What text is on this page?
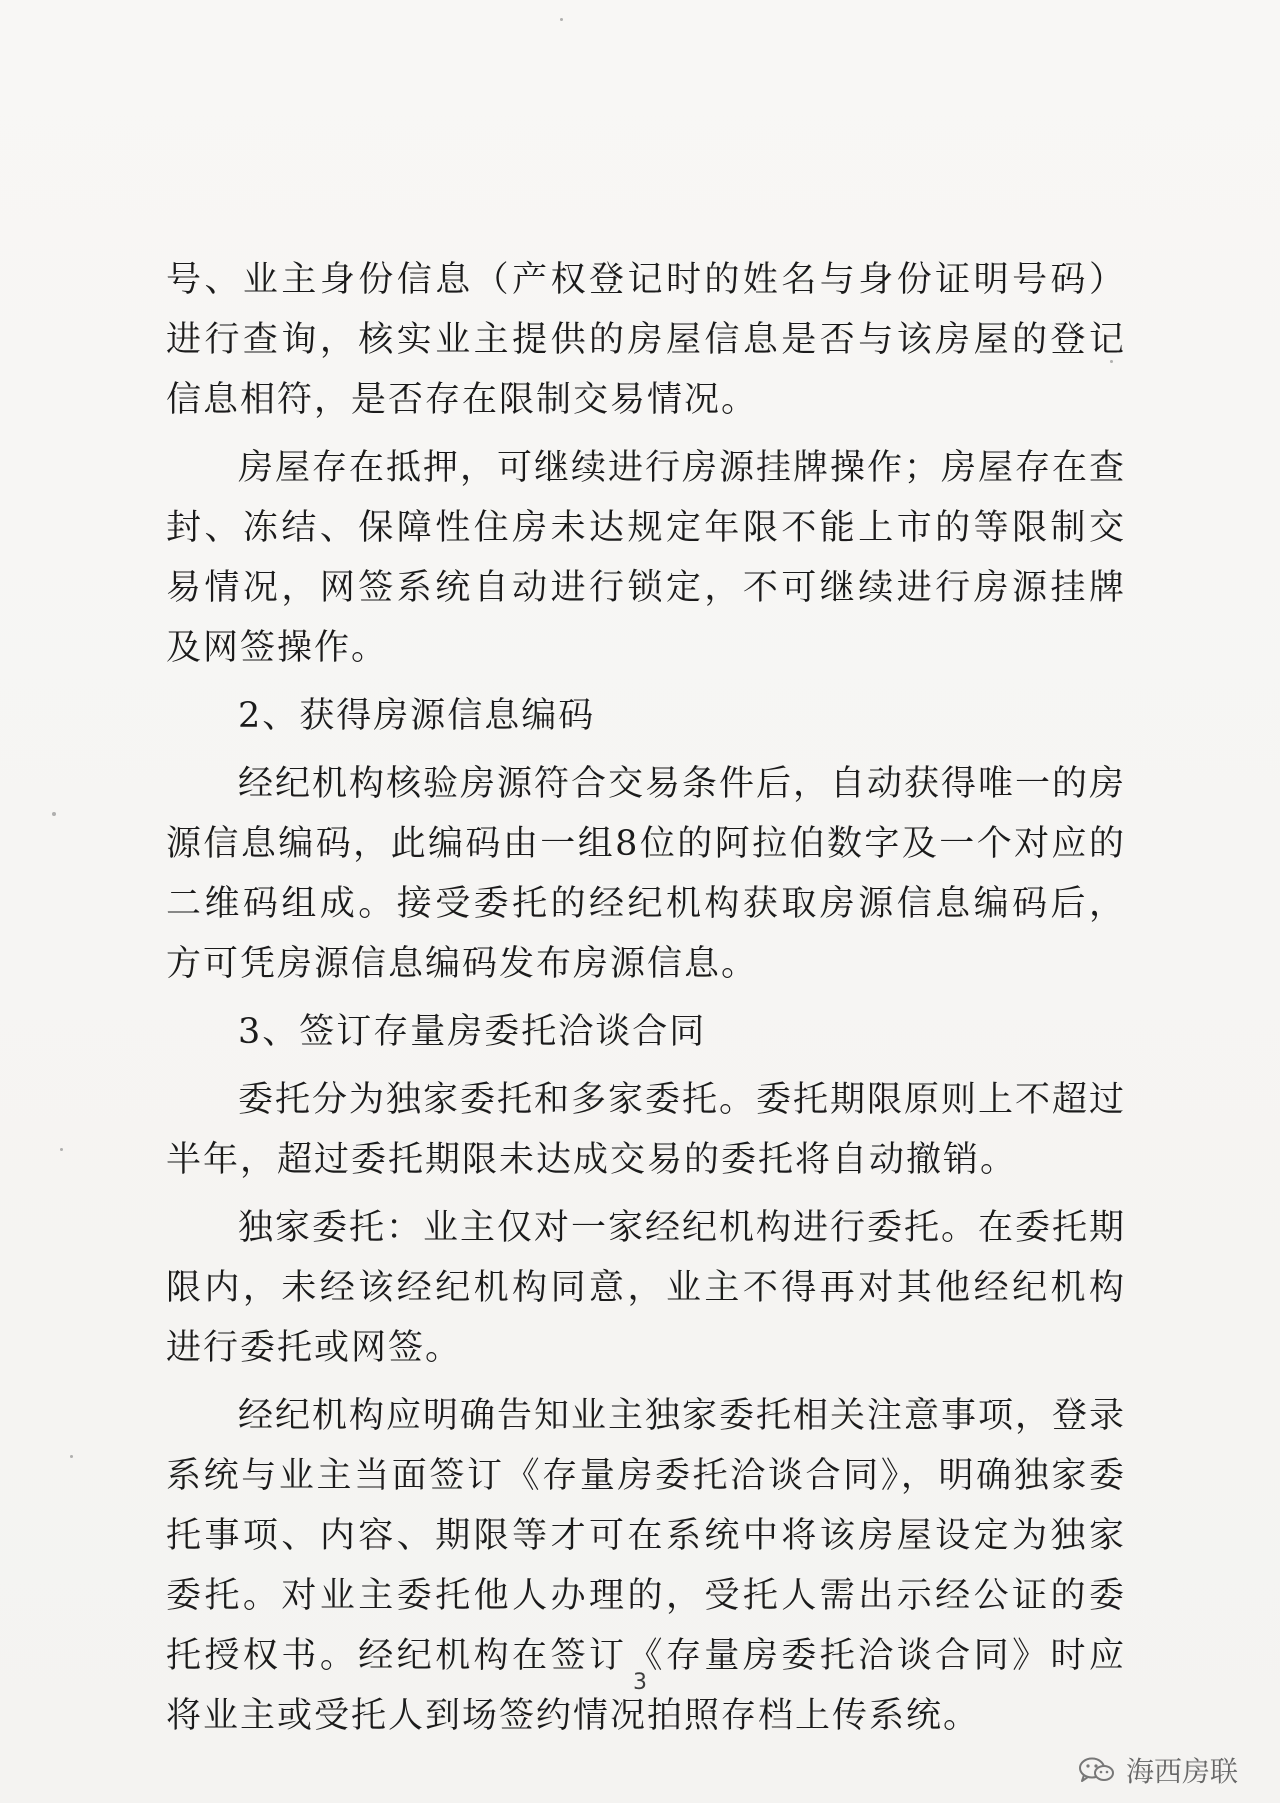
号、业主身份信息（产权登记时的姓名与身份证明号码）进行查询，核实业主提供的房屋信息是否与该房屋的登记信息相符，是否存在限制交易情况。

房屋存在抵押，可继续进行房源挂牌操作；房屋存在查封、冻结、保障性住房未达规定年限不能上市的等限制交易情况，网签系统自动进行锁定，不可继续进行房源挂牌及网签操作。

2、获得房源信息编码

经纪机构核验房源符合交易条件后，自动获得唯一的房源信息编码，此编码由一组8位的阿拉伯数字及一个对应的二维码组成。接受委托的经纪机构获取房源信息编码后，方可凭房源信息编码发布房源信息。

3、签订存量房委托洽谈合同

委托分为独家委托和多家委托。委托期限原则上不超过半年，超过委托期限未达成交易的委托将自动撤销。

独家委托：业主仅对一家经纪机构进行委托。在委托期限内，未经该经纪机构同意，业主不得再对其他经纪机构进行委托或网签。

经纪机构应明确告知业主独家委托相关注意事项，登录系统与业主当面签订《存量房委托洽谈合同》，明确独家委托事项、内容、期限等才可在系统中将该房屋设定为独家委托。对业主委托他人办理的，受托人需出示经公证的委托授权书。经纪机构在签订《存量房委托洽谈合同》时应将业主或受托人到场签约情况拍照存档上传系统。

3
海西房联
